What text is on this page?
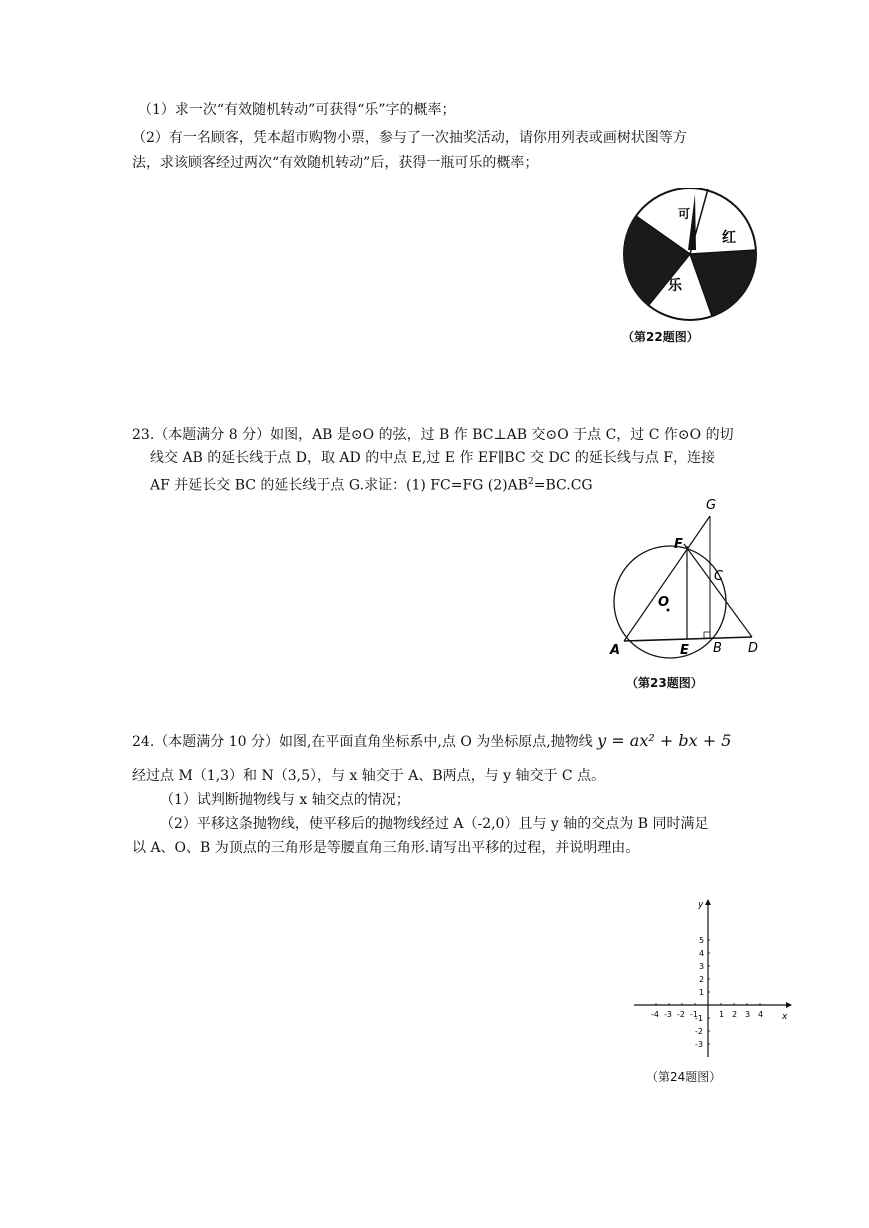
（1）求一次“有效随机转动”可获得“乐”字的概率；
（2）有一名顾客，凭本超市购物小票，参与了一次抽奖活动，请你用列表或画树状图等方
法，求该顾客经过两次“有效随机转动”后，获得一瓶可乐的概率；
可
红
乐
（第22题图）
23.（本题满分 8 分）如图，AB 是⊙O 的弦，过 B 作 BC⊥AB 交⊙O 于点 C，过 C 作⊙O 的切
线交 AB 的延长线于点 D，取 AD 的中点 E,过 E 作 EF∥BC 交 DC 的延长线与点 F，连接
AF 并延长交 BC 的延长线于点 G.求证：(1) FC=FG $(2)AB^2=BC.CG$
G
F
C
O
A	E B D
（第23题图）
24.（本题满分 10 分）如图,在平面直角坐标系中,点 O 为坐标原点,抛物线 y = ax² + bx + 5
经过点 M（1,3）和 N（3,5），与 x 轴交于 A、B两点，与 y 轴交于 C 点。
（1）试判断抛物线与 x 轴交点的情况；
（2）平移这条抛物线，使平移后的抛物线经过 A（-2,0）且与 y 轴的交点为 B 同时满足
以 A、O、B 为顶点的三角形是等腰直角三角形.请写出平移的过程，并说明理由。
x
y
1 2 3 4
-4 -3 -2 -1
1
2
3
4
5
-1
-2
-3
（第24题图）
